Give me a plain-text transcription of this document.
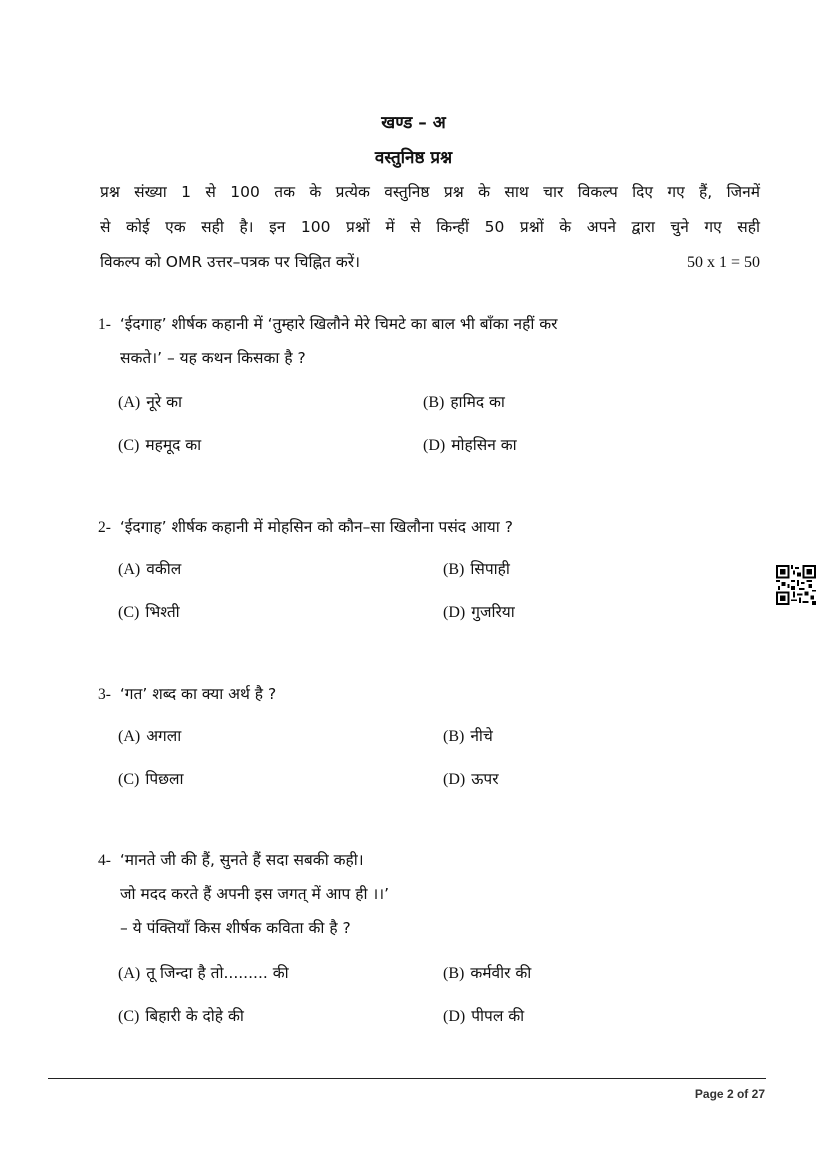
खण्ड – अ
वस्तुनिष्ठ प्रश्न
प्रश्न संख्या 1 से 100 तक के प्रत्येक वस्तुनिष्ठ प्रश्न के साथ चार विकल्प दिए गए हैं, जिनमें
से कोई एक सही है। इन 100 प्रश्नों में से किन्हीं 50 प्रश्नों के अपने द्वारा चुने गए सही
विकल्प को OMR उत्तर–पत्रक पर चिह्नित करें।	50 x 1 = 50
1- ‘ईदगाह’ शीर्षक कहानी में ‘तुम्हारे खिलौने मेरे चिमटे का बाल भी बाँका नहीं कर
सकते।’ – यह कथन किसका है ?
(A) नूरे का	(B) हामिद का
(C) महमूद का	(D) मोहसिन का
2- ‘ईदगाह’ शीर्षक कहानी में मोहसिन को कौन–सा खिलौना पसंद आया ?
(A) वकील	(B) सिपाही
(C) भिश्ती	(D) गुजरिया
3- ‘गत’ शब्द का क्या अर्थ है ?
(A) अगला	(B) नीचे
(C) पिछला	(D) ऊपर
4- ‘मानते जी की हैं, सुनते हैं सदा सबकी कही।
जो मदद करते हैं अपनी इस जगत् में आप ही ।।’
– ये पंक्तियाँ किस शीर्षक कविता की है ?
(A) तू जिन्दा है तो......... की	(B) कर्मवीर की
(C) बिहारी के दोहे की	(D) पीपल की
Page 2 of 27
